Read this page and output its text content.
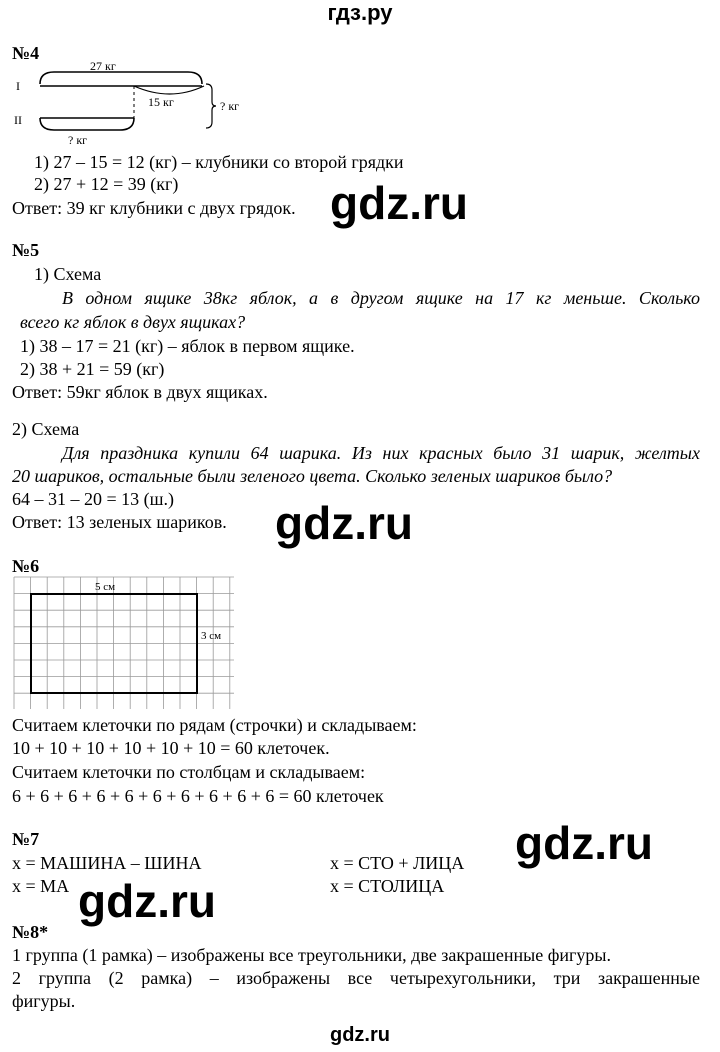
гдз.ру
№4
I
II
27 кг
15 кг
? кг
? кг
1) 27 – 15 = 12 (кг) – клубники со второй грядки
2) 27 + 12 = 39 (кг)
Ответ: 39 кг клубники с двух грядок. gdz.ru
№5
1) Схема
В одном ящике 38кг яблок, а в другом ящике на 17 кг меньше. Сколько
всего кг яблок в двух ящиках?
1) 38 – 17 = 21 (кг) – яблок в первом ящике.
2) 38 + 21 = 59 (кг)
Ответ: 59кг яблок в двух ящиках.
2) Схема
Для праздника купили 64 шарика. Из них красных было 31 шарик, желтых
20 шариков, остальные были зеленого цвета. Сколько зеленых шариков было?
64 – 31 – 20 = 13 (ш.)
Ответ: 13 зеленых шариков. gdz.ru
№6
5 см
3 см
Считаем клеточки по рядам (строчки) и складываем:
10 + 10 + 10 + 10 + 10 + 10 = 60 клеточек.
Считаем клеточки по столбцам и складываем:
6 + 6 + 6 + 6 + 6 + 6 + 6 + 6 + 6 + 6 = 60 клеточек
№7
х = МАШИНА – ШИНА
х = МА
х = СТО + ЛИЦА
х = СТОЛИЦА
gdz.ru
gdz.ru
№8*
1 группа (1 рамка) – изображены все треугольники, две закрашенные фигуры.
2 группа (2 рамка) – изображены все четырехугольники, три закрашенные
фигуры.
gdz.ru
